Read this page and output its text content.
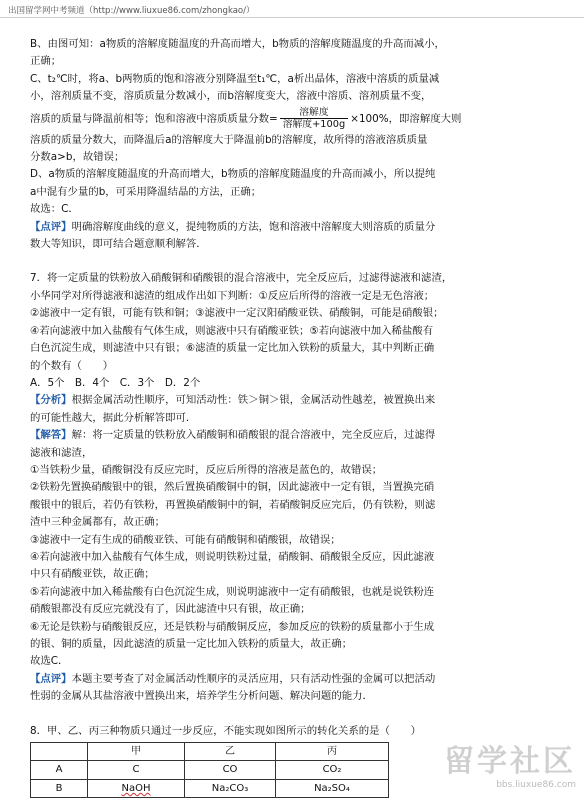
出国留学网中考频道（http://www.liuxue86.com/zhongkao/）

B、由图可知：a物质的溶解度随温度的升高而增大，b物质的溶解度随温度的升高而减小，

正确；

C、t₂℃时，将a、b两物质的饱和溶液分别降温至t₁℃，a析出晶体，溶液中溶质的质量减

小，溶剂质量不变，溶质质量分数减小，而b溶解度变大，溶液中溶质、溶剂质量不变，

溶质的质量与降温前相等；饱和溶液中溶质质量分数= $\frac{\text{溶解度}}{\text{溶解度+100g}} \times 100\%$，即溶解度大则

溶质的质量分数大，而降温后a的溶解度大于降温前b的溶解度，故所得的溶液溶质质量

分数a>b，故错误；

D、a物质的溶解度随温度的升高而增大，b物质的溶解度随温度的升高而减小，所以提纯

a中混有少量的b，可采用降温结晶的方法，正确；

故选：C．

【点评】明确溶解度曲线的意义，提纯物质的方法，饱和溶液中溶解度大则溶质的质量分

数大等知识，即可结合题意顺利解答．

7．将一定质量的铁粉放入硝酸铜和硝酸银的混合溶液中，完全反应后，过滤得滤液和滤渣，

小华同学对所得滤液和滤渣的组成作出如下判断：①反应后所得的溶液一定是无色溶液；

②滤液中一定有银，可能有铁和铜；③滤液中一定汉阳硝酸亚铁、硝酸铜，可能是硝酸银；

④若向滤液中加入盐酸有气体生成，则滤液中只有硝酸亚铁；⑤若向滤液中加入稀盐酸有

白色沉淀生成，则滤渣中只有银；⑥滤渣的质量一定比加入铁粉的质量大，其中判断正确

的个数有（　　）

A．5个　B．4个　C．3个　D．2个

【分析】根据金属活动性顺序，可知活动性：铁＞铜＞银，金属活动性越差，被置换出来

的可能性越大，据此分析解答即可．

【解答】解：将一定质量的铁粉放入硝酸铜和硝酸银的混合溶液中，完全反应后，过滤得

滤液和滤渣，

①当铁粉少量，硝酸铜没有反应完时，反应后所得的溶液是蓝色的，故错误；

②铁粉先置换硝酸银中的银，然后置换硝酸铜中的铜，因此滤液中一定有银，当置换完硝

酸银中的银后，若仍有铁粉，再置换硝酸铜中的铜，若硝酸铜反应完后，仍有铁粉，则滤

渣中三种金属都有，故正确；

③滤液中一定有生成的硝酸亚铁、可能有硝酸铜和硝酸银，故错误；

④若向滤液中加入盐酸有气体生成，则说明铁粉过量，硝酸铜、硝酸银全反应，因此滤液

中只有硝酸亚铁，故正确；

⑤若向滤液中加入稀盐酸有白色沉淀生成，则说明滤液中一定有硝酸银，也就是说铁粉连

硝酸银都没有反应完就没有了，因此滤渣中只有银，故正确；

⑥无论是铁粉与硝酸银反应，还是铁粉与硝酸铜反应，参加反应的铁粉的质量都小于生成

的银、铜的质量，因此滤渣的质量一定比加入铁粉的质量大，故正确；

故选C．

【点评】本题主要考查了对金属活动性顺序的灵活应用，只有活动性强的金属可以把活动

性弱的金属从其盐溶液中置换出来，培养学生分析问题、解决问题的能力．

8．甲、乙、丙三种物质只通过一步反应，不能实现如图所示的转化关系的是（　　）

	甲	乙	丙
A	C	CO	CO₂
B	NaOH	Na₂CO₃	Na₂SO₄
留学社区
bbs.liuxue86.com
